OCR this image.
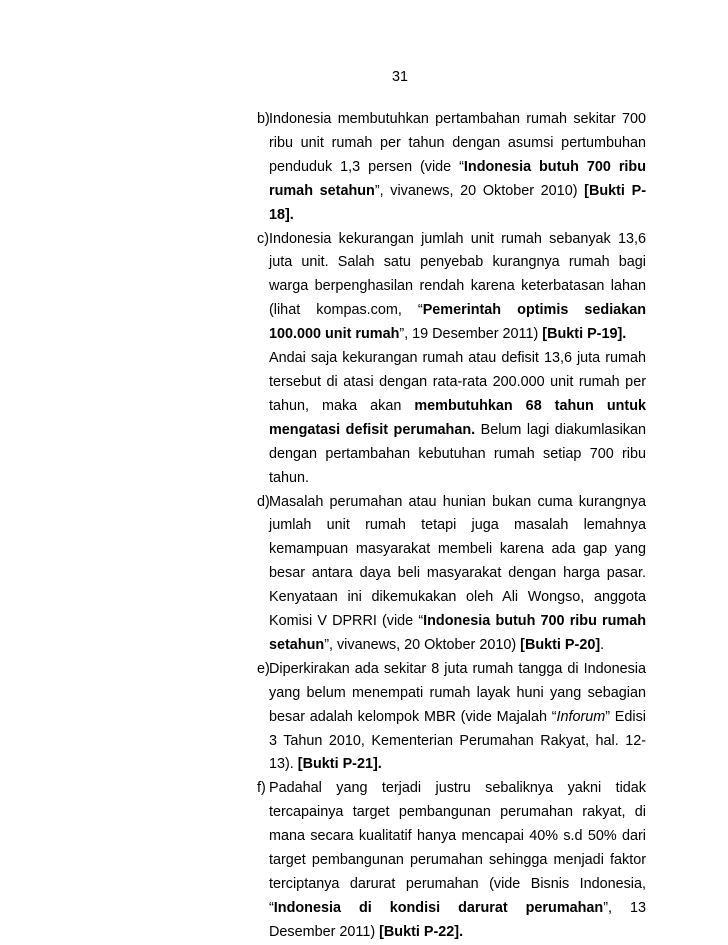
31
b) Indonesia membutuhkan pertambahan rumah sekitar 700 ribu unit rumah per tahun dengan asumsi pertumbuhan penduduk 1,3 persen (vide “Indonesia butuh 700 ribu rumah setahun”, vivanews, 20 Oktober 2010) [Bukti P-18].

c) Indonesia kekurangan jumlah unit rumah sebanyak 13,6 juta unit. Salah satu penyebab kurangnya rumah bagi warga berpenghasilan rendah karena keterbatasan lahan (lihat kompas.com, “Pemerintah optimis sediakan 100.000 unit rumah”, 19 Desember 2011) [Bukti P-19].

Andai saja kekurangan rumah atau defisit 13,6 juta rumah tersebut di atasi dengan rata-rata 200.000 unit rumah per tahun, maka akan membutuhkan 68 tahun untuk mengatasi defisit perumahan. Belum lagi diakumlasikan dengan pertambahan kebutuhan rumah setiap 700 ribu tahun.

d) Masalah perumahan atau hunian bukan cuma kurangnya jumlah unit rumah tetapi juga masalah lemahnya kemampuan masyarakat membeli karena ada gap yang besar antara daya beli masyarakat dengan harga pasar. Kenyataan ini dikemukakan oleh Ali Wongso, anggota Komisi V DPRRI (vide “Indonesia butuh 700 ribu rumah setahun”, vivanews, 20 Oktober 2010) [Bukti P-20].

e) Diperkirakan ada sekitar 8 juta rumah tangga di Indonesia yang belum menempati rumah layak huni yang sebagian besar adalah kelompok MBR (vide Majalah “Inforum” Edisi 3 Tahun 2010, Kementerian Perumahan Rakyat, hal. 12-13). [Bukti P-21].

f) Padahal yang terjadi justru sebaliknya yakni tidak tercapainya target pembangunan perumahan rakyat, di mana secara kualitatif hanya mencapai 40% s.d 50% dari target pembangunan perumahan sehingga menjadi faktor terciptanya darurat perumahan (vide Bisnis Indonesia, “Indonesia di kondisi darurat perumahan”, 13 Desember 2011) [Bukti P-22].
